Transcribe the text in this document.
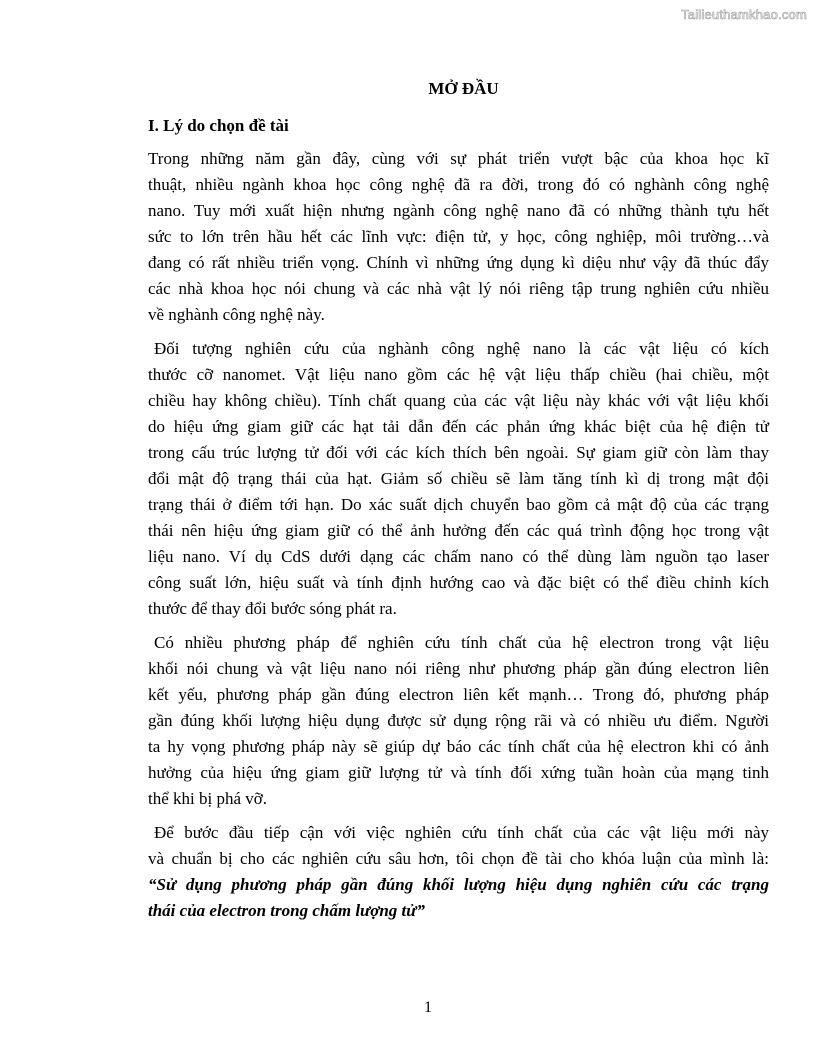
Tailieuthamkhao.com
MỞ ĐẦU
I. Lý do chọn đề tài
Trong những năm gần đây, cùng với sự phát triển vượt bậc của khoa học kĩ
thuật, nhiều ngành khoa học công nghệ đã ra đời, trong đó có nghành công nghệ
nano. Tuy mới xuất hiện nhưng ngành công nghệ nano đã có những thành tựu hết
sức to lớn trên hầu hết các lĩnh vực: điện tử, y học, công nghiệp, môi trường…và
đang có rất nhiều triển vọng. Chính vì những ứng dụng kì diệu như vậy đã thúc đẩy
các nhà khoa học nói chung và các nhà vật lý nói riêng tập trung nghiên cứu nhiều
về nghành công nghệ này.
Đối tượng nghiên cứu của nghành công nghệ nano là các vật liệu có kích
thước cỡ nanomet. Vật liệu nano gồm các hệ vật liệu thấp chiều (hai chiều, một
chiều hay không chiều). Tính chất quang của các vật liệu này khác với vật liệu khối
do hiệu ứng giam giữ các hạt tải dẫn đến các phản ứng khác biệt của hệ điện tử
trong cấu trúc lượng tử đối với các kích thích bên ngoài. Sự giam giữ còn làm thay
đổi mật độ trạng thái của hạt. Giảm số chiều sẽ làm tăng tính kì dị trong mật đội
trạng thái ở điểm tới hạn. Do xác suất dịch chuyển bao gồm cả mật độ của các trạng
thái nên hiệu ứng giam giữ có thể ảnh hưởng đến các quá trình động học trong vật
liệu nano. Ví dụ CdS dưới dạng các chấm nano có thể dùng làm nguồn tạo laser
công suất lớn, hiệu suất và tính định hướng cao và đặc biệt có thể điều chỉnh kích
thước để thay đổi bước sóng phát ra.
Có nhiều phương pháp để nghiên cứu tính chất của hệ electron trong vật liệu
khối nói chung và vật liệu nano nói riêng như phương pháp gần đúng electron liên
kết yếu, phương pháp gần đúng electron liên kết mạnh… Trong đó, phương pháp
gần đúng khối lượng hiệu dụng được sử dụng rộng rãi và có nhiều ưu điểm. Người
ta hy vọng phương pháp này sẽ giúp dự báo các tính chất của hệ electron khi có ảnh
hưởng của hiệu ứng giam giữ lượng tử và tính đối xứng tuần hoàn của mạng tinh
thể khi bị phá vỡ.
Để bước đầu tiếp cận với việc nghiên cứu tính chất của các vật liệu mới này
và chuẩn bị cho các nghiên cứu sâu hơn, tôi chọn đề tài cho khóa luận của mình là:
“Sử dụng phương pháp gần đúng khối lượng hiệu dụng nghiên cứu các trạng
thái của electron trong chấm lượng tử”
1
